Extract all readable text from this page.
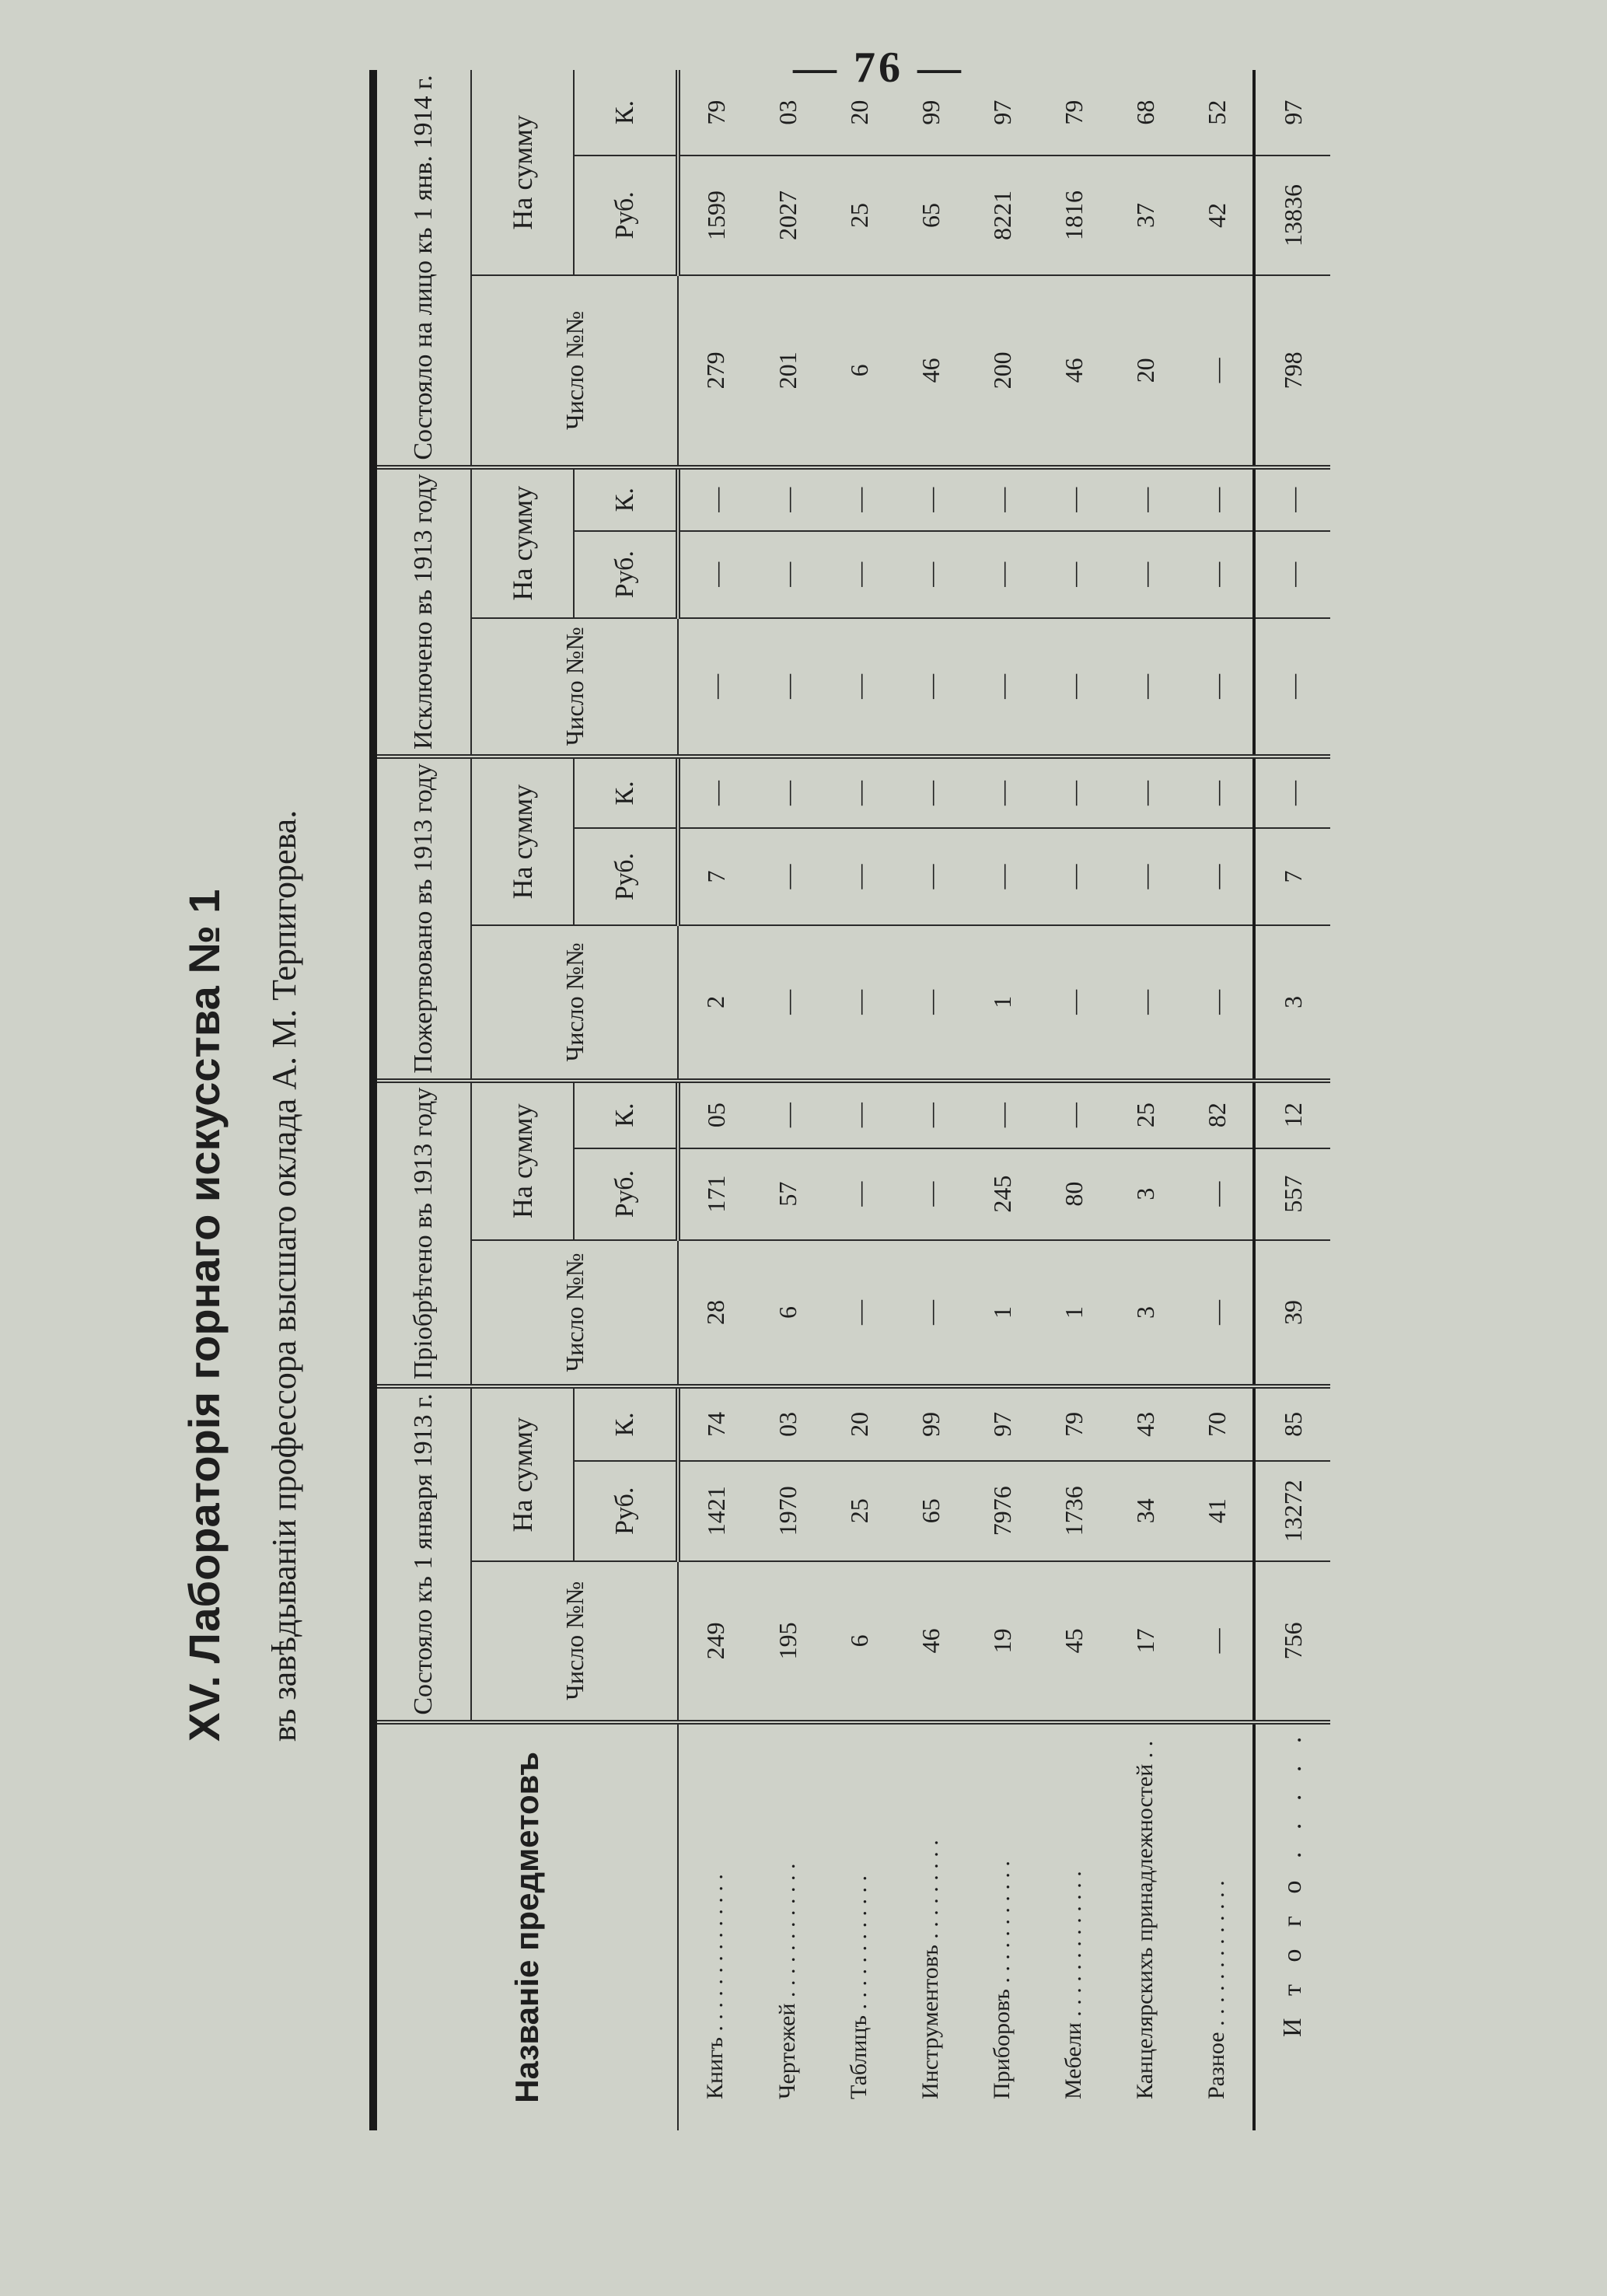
— 76 —
XV. Лабораторія горнаго искусства № 1 въ завѣдываніи профессора высшаго оклада А. М. Терпигорева.
Названіе предметовъ	Состояло къ 1 января 1913 г.			Пріобрѣтено въ 1913 году			Пожертвовано въ 1913 году			Исключено въ 1913 году			Состояло на лицо къ 1 янв. 1914 г.		
	Число №№	На сумму		Число №№	На сумму		Число №№	На сумму		Число №№	На сумму		Число №№	На сумму	
		Руб.	К.		Руб.	К.		Руб.	К.		Руб.	К.		Руб.	К.
Книгъ . . . . . . . . . . . . . .	249	1421	74	28	171	05	2	7	—	—	—	—	279	1599	79
Чертежей . . . . . . . . . . . .	195	1970	03	6	57	—	—	—	—	—	—	—	201	2027	03
Таблицъ . . . . . . . . . . . .	6	25	20	—	—	—	—	—	—	—	—	—	6	25	20
Инструментовъ . . . . . . . . .	46	65	99	—	—	—	—	—	—	—	—	—	46	65	99
Приборовъ . . . . . . . . . . .	19	7976	97	1	245	—	1	—	—	—	—	—	200	8221	97
Мебели . . . . . . . . . . . . .	45	1736	79	1	80	—	—	—	—	—	—	—	46	1816	79
Канцелярскихъ принадлежностей . .	17	34	43	3	3	25	—	—	—	—	—	—	20	37	68
Разное . . . . . . . . . . . . .	—	41	70	—	—	82	—	—	—	—	—	—	—	42	52
И т о г о . . . . .	756	13272	85	39	557	12	3	7	—	—	—	—	798	13836	97
